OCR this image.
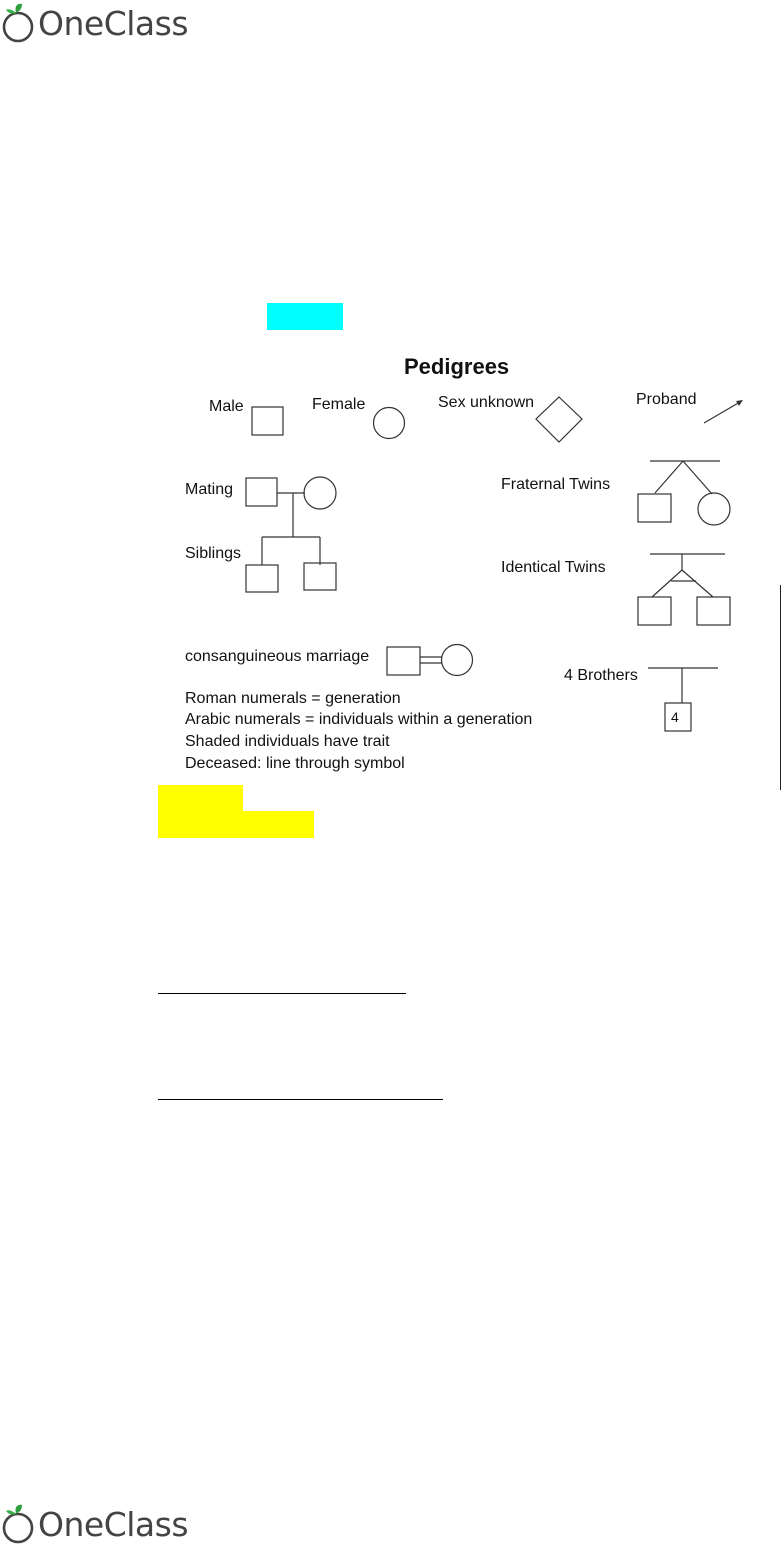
OneClass
Pedigrees
Male	Female	Sex unknown	Proband
Mating
Siblings
Fraternal Twins
Identical Twins
consanguineous marriage
4 Brothers
4
Roman numerals = generation
Arabic numerals = individuals within a generation
Shaded individuals have trait
Deceased: line through symbol
OneClass
